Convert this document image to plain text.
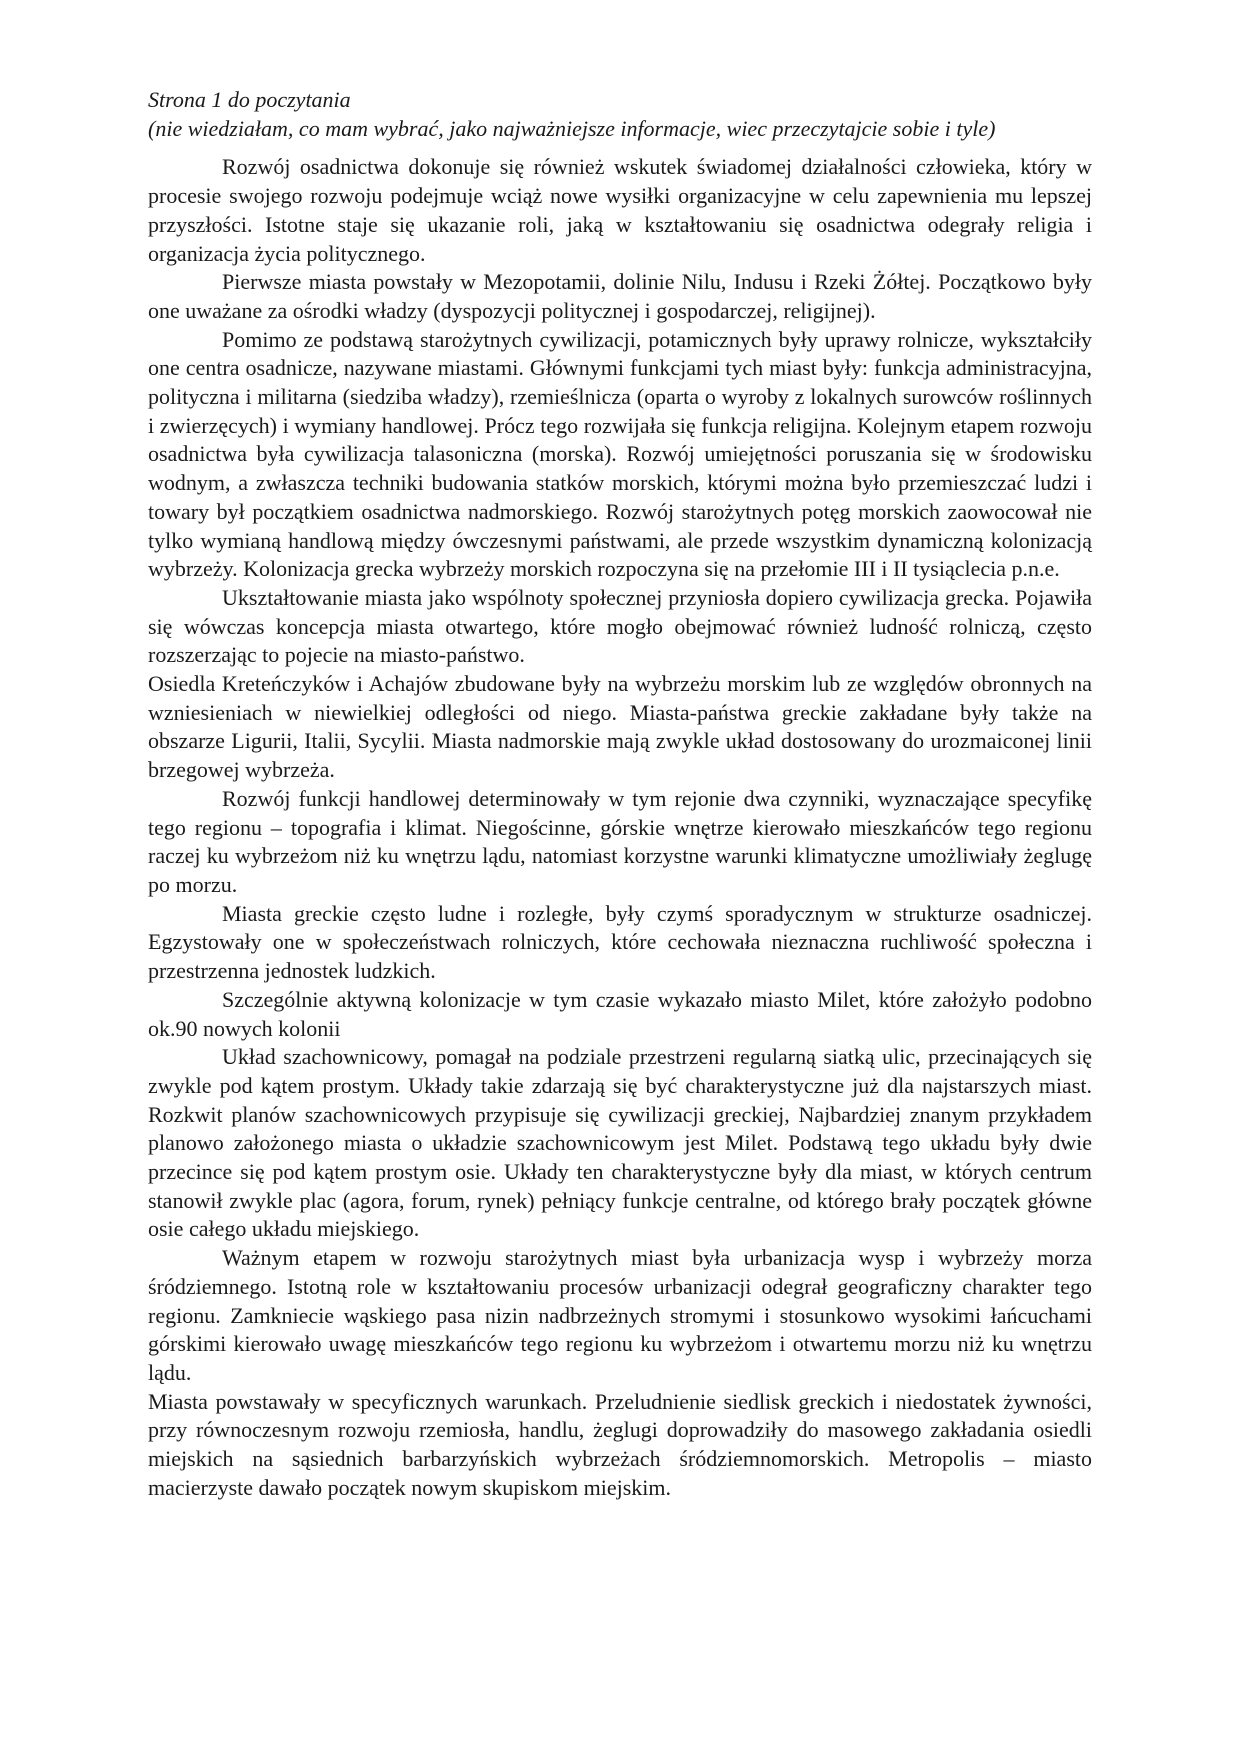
Strona 1 do poczytania

(nie wiedziałam, co mam wybrać, jako najważniejsze informacje, wiec przeczytajcie sobie i tyle)

Rozwój osadnictwa dokonuje się również wskutek świadomej działalności człowieka, który w procesie swojego rozwoju podejmuje wciąż nowe wysiłki organizacyjne w celu zapewnienia mu lepszej przyszłości. Istotne staje się ukazanie roli, jaką w kształtowaniu się osadnictwa odegrały religia i organizacja życia politycznego.

Pierwsze miasta powstały w Mezopotamii, dolinie Nilu, Indusu i Rzeki Żółtej. Początkowo były one uważane za ośrodki władzy (dyspozycji politycznej i gospodarczej, religijnej).

Pomimo ze podstawą starożytnych cywilizacji, potamicznych były uprawy rolnicze, wykształciły one centra osadnicze, nazywane miastami. Głównymi funkcjami tych miast były: funkcja administracyjna, polityczna i militarna (siedziba władzy), rzemieślnicza (oparta o wyroby z lokalnych surowców roślinnych i zwierzęcych) i wymiany handlowej. Prócz tego rozwijała się funkcja religijna. Kolejnym etapem rozwoju osadnictwa była cywilizacja talasoniczna (morska). Rozwój umiejętności poruszania się w środowisku wodnym, a zwłaszcza techniki budowania statków morskich, którymi można było przemieszczać ludzi i towary był początkiem osadnictwa nadmorskiego. Rozwój starożytnych potęg morskich zaowocował nie tylko wymianą handlową między ówczesnymi państwami, ale przede wszystkim dynamiczną kolonizacją wybrzeży. Kolonizacja grecka wybrzeży morskich rozpoczyna się na przełomie III i II tysiąclecia p.n.e.

Ukształtowanie miasta jako wspólnoty społecznej przyniosła dopiero cywilizacja grecka. Pojawiła się wówczas koncepcja miasta otwartego, które mogło obejmować również ludność rolniczą, często rozszerzając to pojecie na miasto-państwo.

Osiedla Kreteńczyków i Achajów zbudowane były na wybrzeżu morskim lub ze względów obronnych na wzniesieniach w niewielkiej odległości od niego. Miasta-państwa greckie zakładane były także na obszarze Ligurii, Italii, Sycylii. Miasta nadmorskie mają zwykle układ dostosowany do urozmaiconej linii brzegowej wybrzeża.

Rozwój funkcji handlowej determinowały w tym rejonie dwa czynniki, wyznaczające specyfikę tego regionu – topografia i klimat. Niegościnne, górskie wnętrze kierowało mieszkańców tego regionu raczej ku wybrzeżom niż ku wnętrzu lądu, natomiast korzystne warunki klimatyczne umożliwiały żeglugę po morzu.

Miasta greckie często ludne i rozległe, były czymś sporadycznym w strukturze osadniczej. Egzystowały one w społeczeństwach rolniczych, które cechowała nieznaczna ruchliwość społeczna i przestrzenna jednostek ludzkich.

Szczególnie aktywną kolonizacje w tym czasie wykazało miasto Milet, które założyło podobno ok.90 nowych kolonii

Układ szachownicowy, pomagał na podziale przestrzeni regularną siatką ulic, przecinających się zwykle pod kątem prostym. Układy takie zdarzają się być charakterystyczne już dla najstarszych miast. Rozkwit planów szachownicowych przypisuje się cywilizacji greckiej, Najbardziej znanym przykładem planowo założonego miasta o układzie szachownicowym jest Milet. Podstawą tego układu były dwie przecince się pod kątem prostym osie. Układy ten charakterystyczne były dla miast, w których centrum stanowił zwykle plac (agora, forum, rynek) pełniący funkcje centralne, od którego brały początek główne osie całego układu miejskiego.

Ważnym etapem w rozwoju starożytnych miast była urbanizacja wysp i wybrzeży morza śródziemnego. Istotną role w kształtowaniu procesów urbanizacji odegrał geograficzny charakter tego regionu. Zamkniecie wąskiego pasa nizin nadbrzeżnych stromymi i stosunkowo wysokimi łańcuchami górskimi kierowało uwagę mieszkańców tego regionu ku wybrzeżom i otwartemu morzu niż ku wnętrzu lądu.

Miasta powstawały w specyficznych warunkach. Przeludnienie siedlisk greckich i niedostatek żywności, przy równoczesnym rozwoju rzemiosła, handlu, żeglugi doprowadziły do masowego zakładania osiedli miejskich na sąsiednich barbarzyńskich wybrzeżach śródziemnomorskich. Metropolis – miasto macierzyste dawało początek nowym skupiskom miejskim.
